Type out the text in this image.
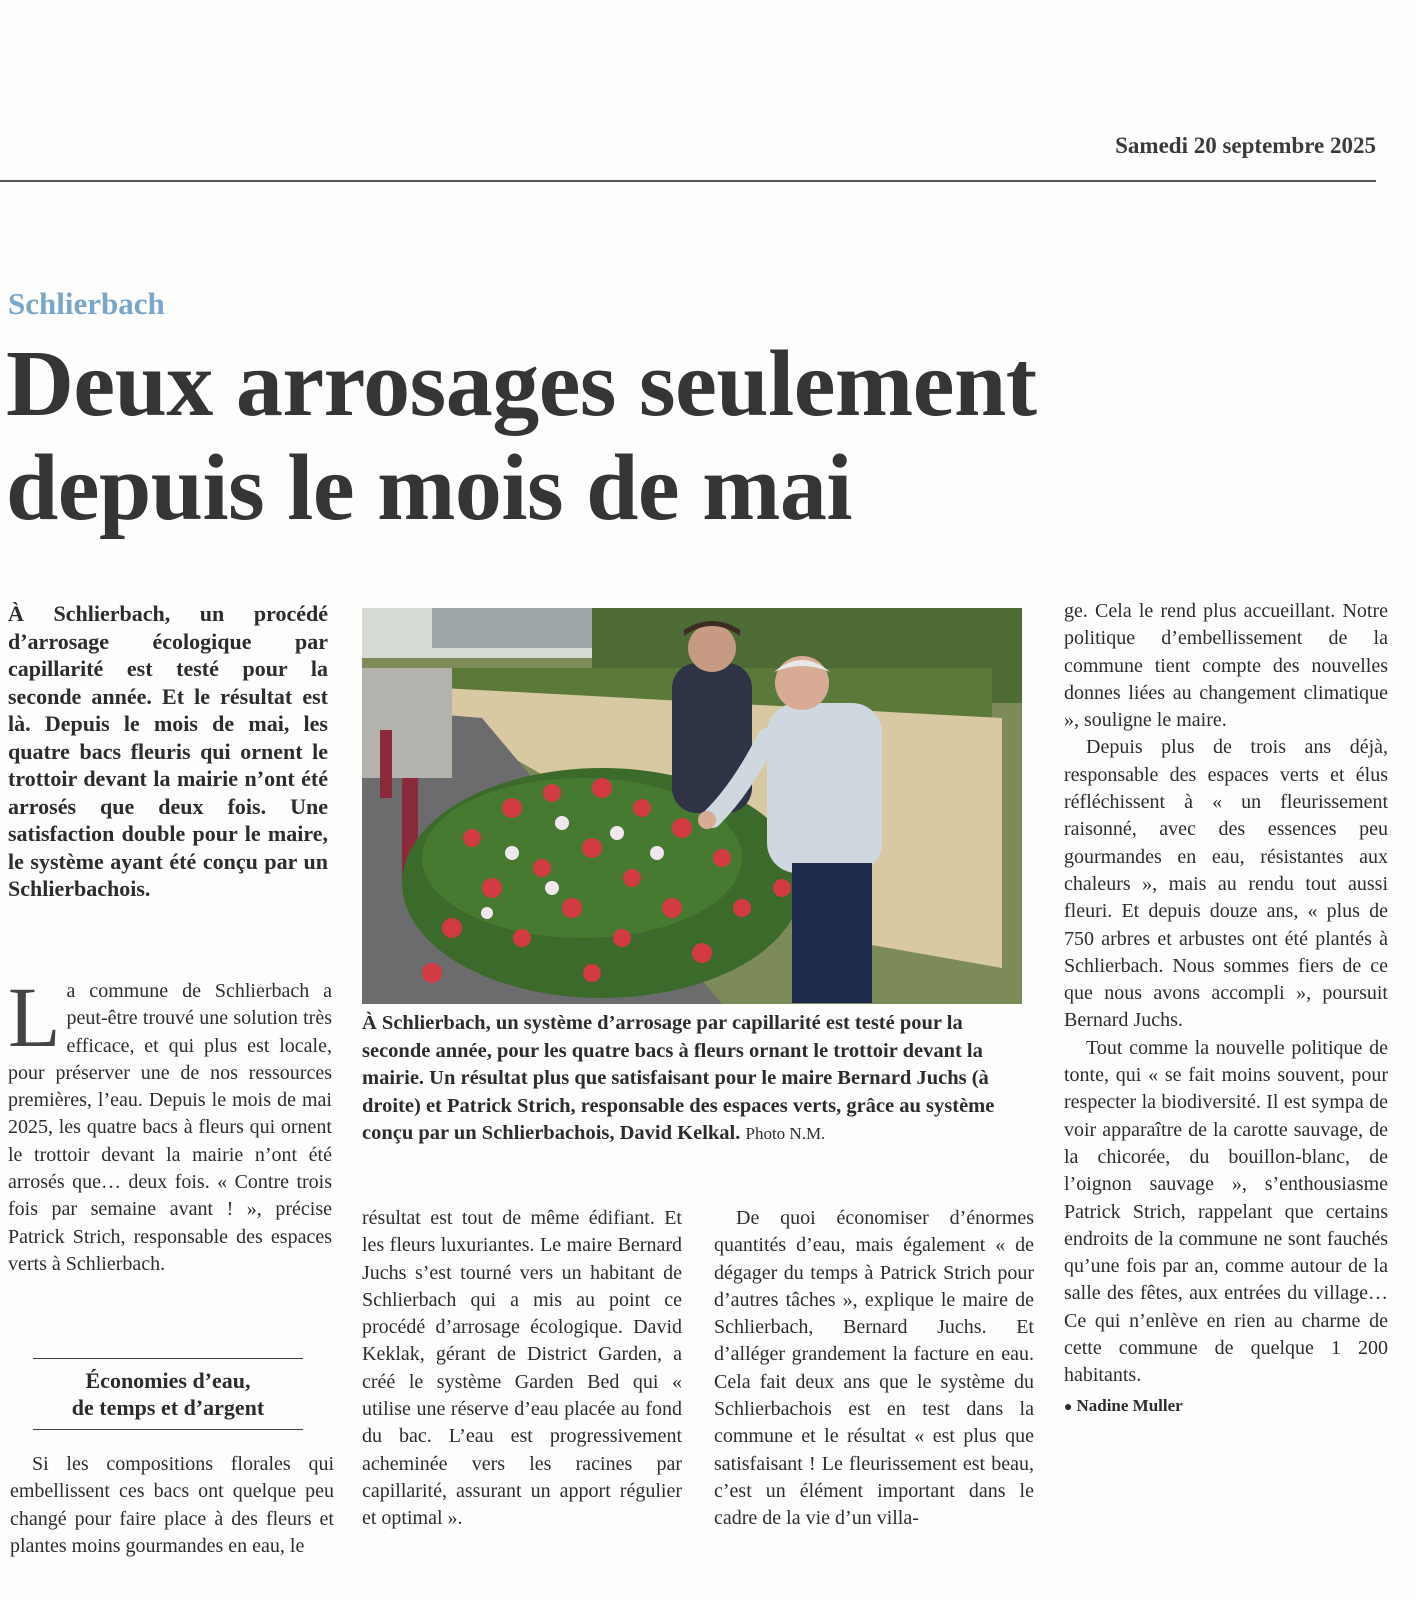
Samedi 20 septembre 2025
Schlierbach
Deux arrosages seulement
depuis le mois de mai

À Schlierbach, un procédé d’arrosage écologique par capillarité est testé pour la seconde année. Et le résultat est là. Depuis le mois de mai, les quatre bacs fleuris qui ornent le trottoir devant la mairie n’ont été arrosés que deux fois. Une satisfaction double pour le maire, le système ayant été conçu par un Schlierbachois.

L a commune de Schlierbach a peut-être trouvé une solution très efficace, et qui plus est locale, pour préserver une de nos ressources premières, l’eau. Depuis le mois de mai 2025, les quatre bacs à fleurs qui ornent le trottoir devant la mairie n’ont été arrosés que… deux fois. « Contre trois fois par semaine avant ! », précise Patrick Strich, responsable des espaces verts à Schlierbach.

Économies d’eau,
de temps et d’argent

Si les compositions florales qui embellissent ces bacs ont quelque peu changé pour faire place à des fleurs et plantes moins gourmandes en eau, le

À Schlierbach, un système d’arrosage par capillarité est testé pour la seconde année, pour les quatre bacs à fleurs ornant le trottoir devant la mairie. Un résultat plus que satisfaisant pour le maire Bernard Juchs (à droite) et Patrick Strich, responsable des espaces verts, grâce au système conçu par un Schlierbachois, David Kelkal. Photo N.M.

résultat est tout de même édifiant. Et les fleurs luxuriantes. Le maire Bernard Juchs s’est tourné vers un habitant de Schlierbach qui a mis au point ce procédé d’arrosage écologique. David Keklak, gérant de District Garden, a créé le système Garden Bed qui « utilise une réserve d’eau placée au fond du bac. L’eau est progressivement acheminée vers les racines par capillarité, assurant un apport régulier et optimal ».

De quoi économiser d’énormes quantités d’eau, mais également « de dégager du temps à Patrick Strich pour d’autres tâches », explique le maire de Schlierbach, Bernard Juchs. Et d’alléger grandement la facture en eau. Cela fait deux ans que le système du Schlierbachois est en test dans la commune et le résultat « est plus que satisfaisant ! Le fleurissement est beau, c’est un élément important dans le cadre de la vie d’un villa-

ge. Cela le rend plus accueillant. Notre politique d’embellissement de la commune tient compte des nouvelles donnes liées au changement climatique », souligne le maire.

Depuis plus de trois ans déjà, responsable des espaces verts et élus réfléchissent à « un fleurissement raisonné, avec des essences peu gourmandes en eau, résistantes aux chaleurs », mais au rendu tout aussi fleuri. Et depuis douze ans, « plus de 750 arbres et arbustes ont été plantés à Schlierbach. Nous sommes fiers de ce que nous avons accompli », poursuit Bernard Juchs.

Tout comme la nouvelle politique de tonte, qui « se fait moins souvent, pour respecter la biodiversité. Il est sympa de voir apparaître de la carotte sauvage, de la chicorée, du bouillon-blanc, de l’oignon sauvage », s’enthousiasme Patrick Strich, rappelant que certains endroits de la commune ne sont fauchés qu’une fois par an, comme autour de la salle des fêtes, aux entrées du village… Ce qui n’enlève en rien au charme de cette commune de quelque 1 200 habitants.

● Nadine Muller
